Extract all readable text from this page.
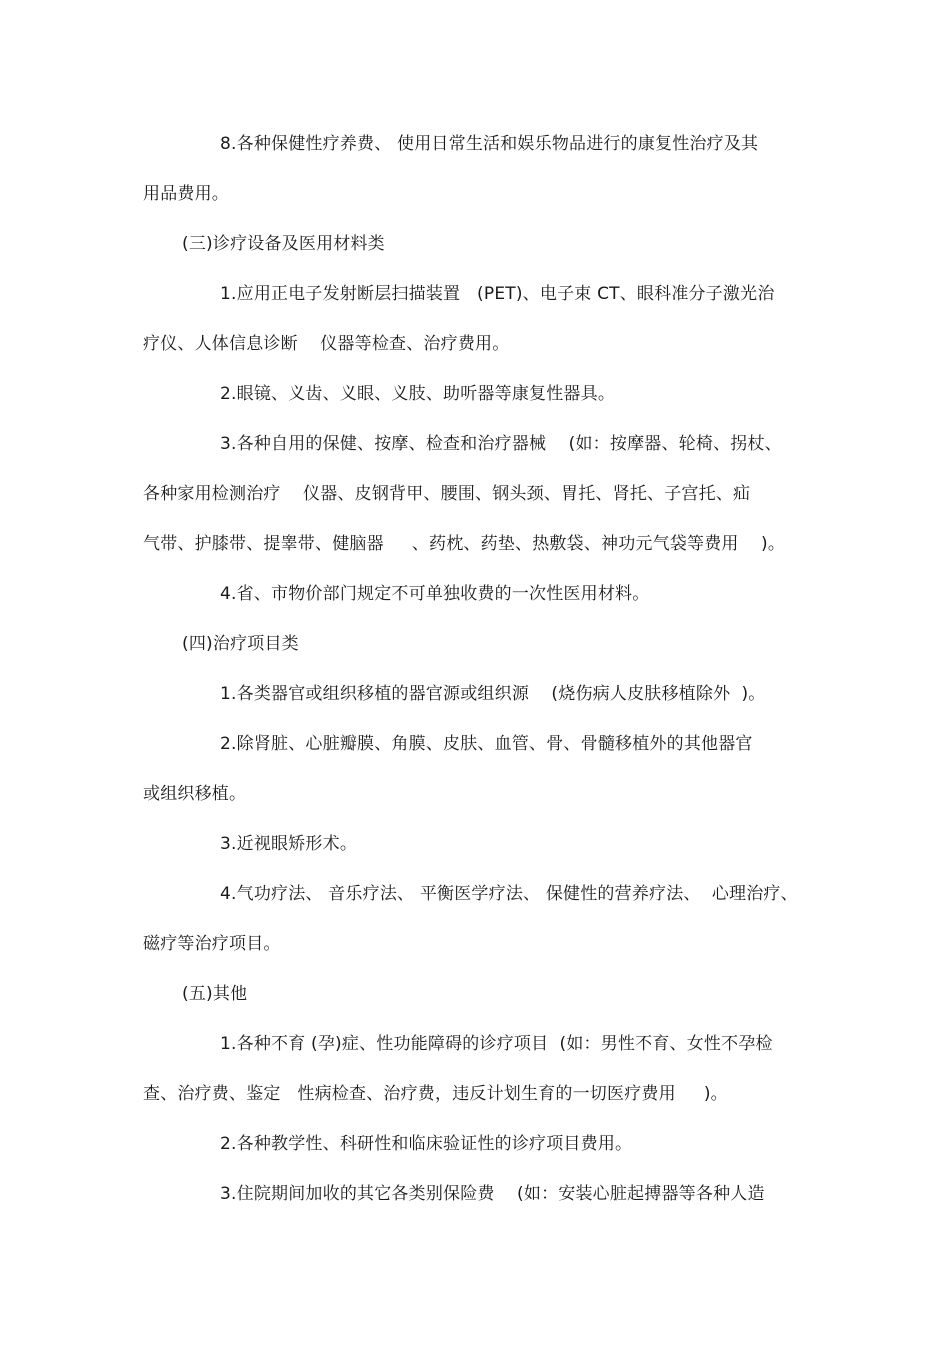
8.各种保健性疗养费、 使用日常生活和娱乐物品进行的康复性治疗及其
用品费用。
(三)诊疗设备及医用材料类
1.应用正电子发射断层扫描装置   (PET)、电子束 CT、眼科准分子激光治
疗仪、人体信息诊断    仪器等检查、治疗费用。
2.眼镜、义齿、义眼、义肢、助听器等康复性器具。
3.各种自用的保健、按摩、检查和治疗器械    (如：按摩器、轮椅、拐杖、
各种家用检测治疗    仪器、皮钢背甲、腰围、钢头颈、胃托、肾托、子宫托、疝
气带、护膝带、提睾带、健脑器     、药枕、药垫、热敷袋、神功元气袋等费用    )。
4.省、市物价部门规定不可单独收费的一次性医用材料。
(四)治疗项目类
1.各类器官或组织移植的器官源或组织源    (烧伤病人皮肤移植除外  )。
2.除肾脏、心脏瓣膜、角膜、皮肤、血管、骨、骨髓移植外的其他器官
或组织移植。
3.近视眼矫形术。
4.气功疗法、 音乐疗法、 平衡医学疗法、 保健性的营养疗法、  心理治疗、
磁疗等治疗项目。
(五)其他
1.各种不育 (孕)症、性功能障碍的诊疗项目  (如：男性不育、女性不孕检
查、治疗费、鉴定   性病检查、治疗费，违反计划生育的一切医疗费用     )。
2.各种教学性、科研性和临床验证性的诊疗项目费用。
3.住院期间加收的其它各类别保险费    (如：安装心脏起搏器等各种人造
